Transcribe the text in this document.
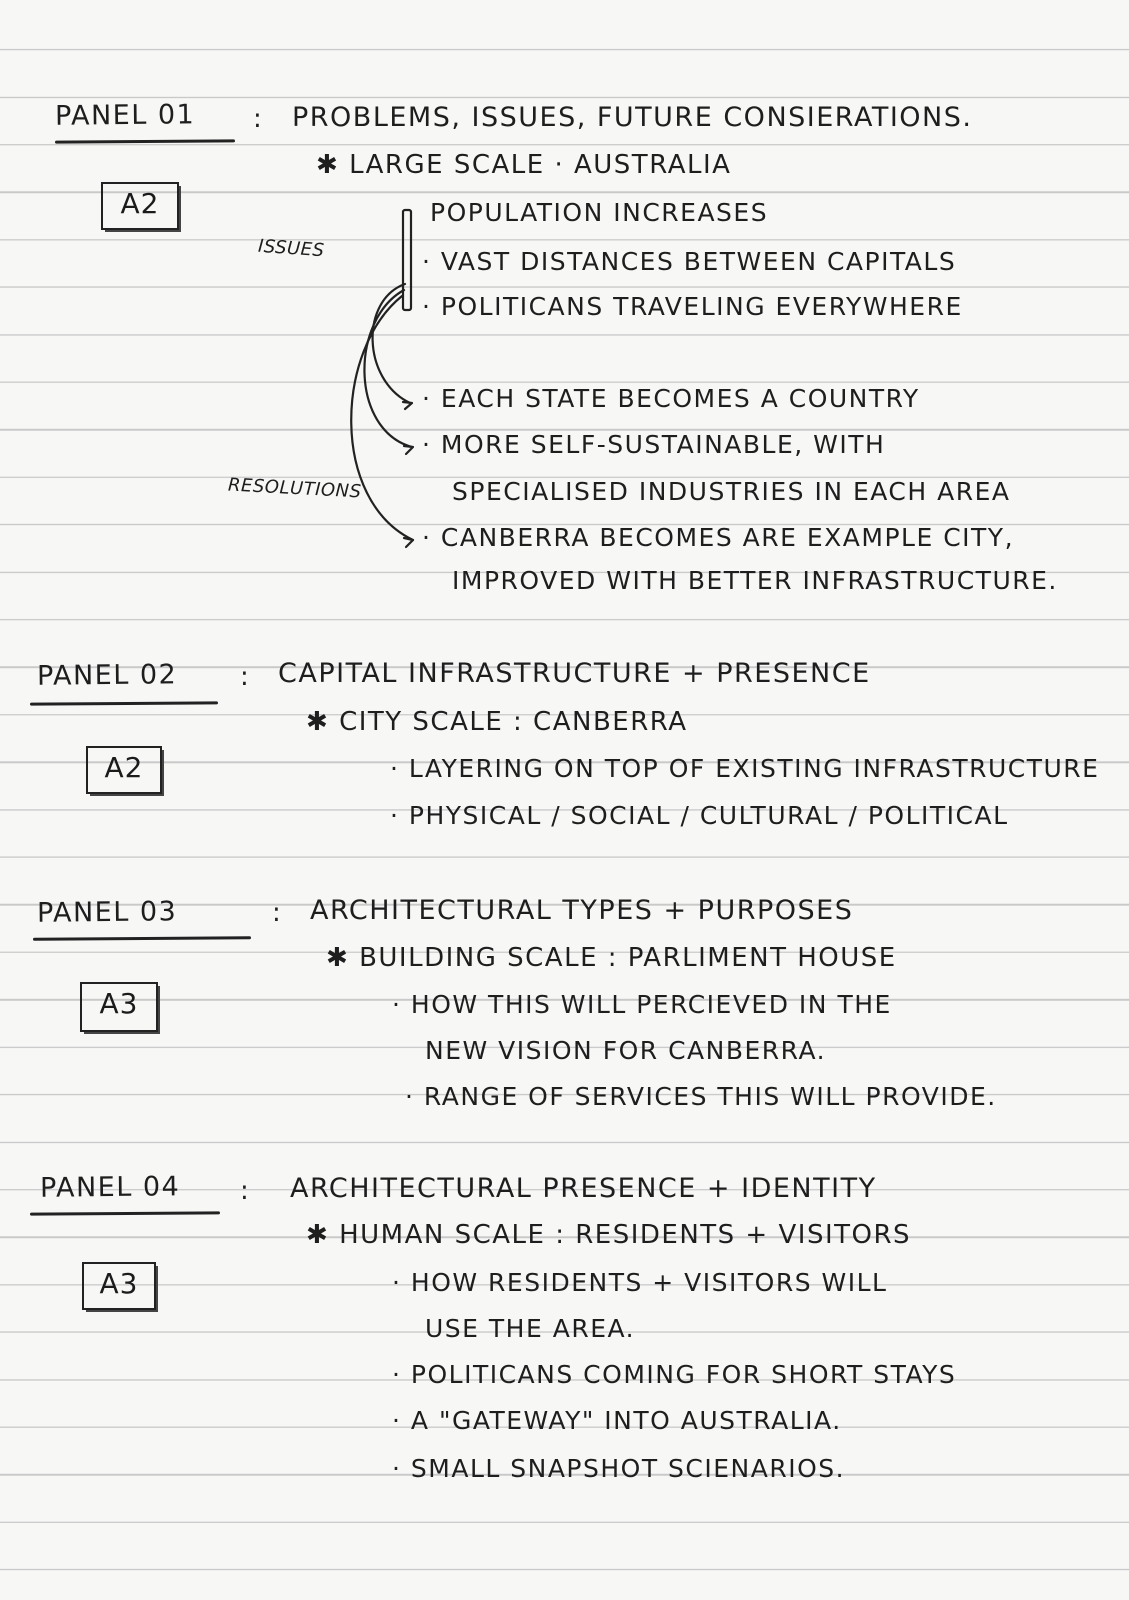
PANEL 01 : PROBLEMS, ISSUES, FUTURE CONSIERATIONS.
✱ LARGE SCALE · AUSTRALIA
A2
ISSUES
RESOLUTIONS
POPULATION INCREASES
· VAST DISTANCES BETWEEN CAPITALS
· POLITICANS TRAVELING EVERYWHERE
· EACH STATE BECOMES A COUNTRY
· MORE SELF-SUSTAINABLE, WITH
SPECIALISED INDUSTRIES IN EACH AREA
· CANBERRA BECOMES ARE EXAMPLE CITY,
IMPROVED WITH BETTER INFRASTRUCTURE.
PANEL 02 : CAPITAL INFRASTRUCTURE + PRESENCE
✱ CITY SCALE : CANBERRA
A2	· LAYERING ON TOP OF EXISTING INFRASTRUCTURE
· PHYSICAL / SOCIAL / CULTURAL / POLITICAL
PANEL 03	: ARCHITECTURAL TYPES + PURPOSES
✱ BUILDING SCALE : PARLIMENT HOUSE
A3	· HOW THIS WILL PERCIEVED IN THE
NEW VISION FOR CANBERRA.
· RANGE OF SERVICES THIS WILL PROVIDE.
PANEL 04 : ARCHITECTURAL PRESENCE + IDENTITY
✱ HUMAN SCALE : RESIDENTS + VISITORS
A3	· HOW RESIDENTS + VISITORS WILL
USE THE AREA.
· POLITICANS COMING FOR SHORT STAYS
· A "GATEWAY" INTO AUSTRALIA.
· SMALL SNAPSHOT SCIENARIOS.
